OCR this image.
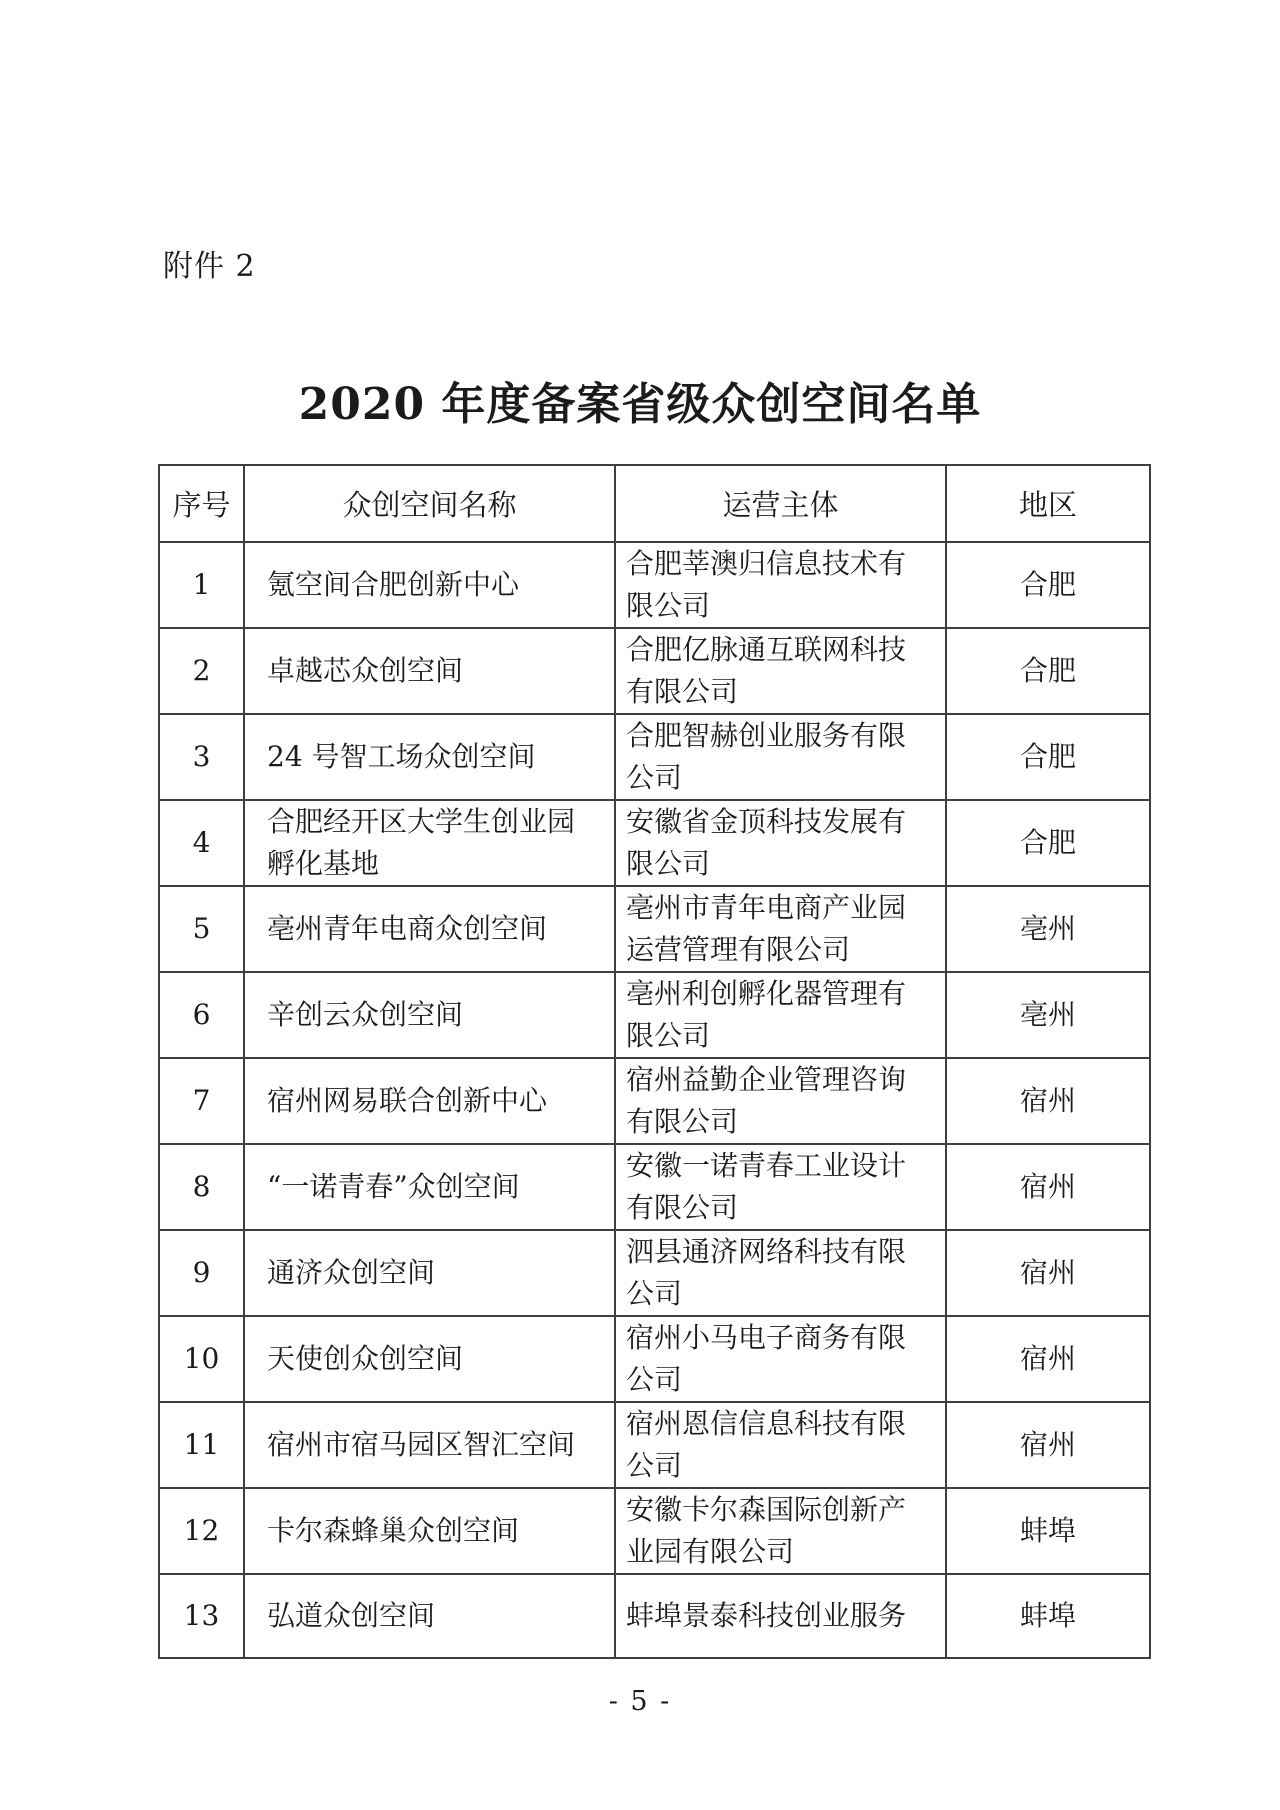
附件 2
2020 年度备案省级众创空间名单
序号	众创空间名称	运营主体	地区
1	氪空间合肥创新中心	合肥莘澳归信息技术有限公司	合肥
2	卓越芯众创空间	合肥亿脉通互联网科技有限公司	合肥
3	24 号智工场众创空间	合肥智赫创业服务有限公司	合肥
4	合肥经开区大学生创业园孵化基地	安徽省金顶科技发展有限公司	合肥
5	亳州青年电商众创空间	亳州市青年电商产业园运营管理有限公司	亳州
6	辛创云众创空间	亳州利创孵化器管理有限公司	亳州
7	宿州网易联合创新中心	宿州益勤企业管理咨询有限公司	宿州
8	“一诺青春”众创空间	安徽一诺青春工业设计有限公司	宿州
9	通济众创空间	泗县通济网络科技有限公司	宿州
10	天使创众创空间	宿州小马电子商务有限公司	宿州
11	宿州市宿马园区智汇空间	宿州恩信信息科技有限公司	宿州
12	卡尔森蜂巢众创空间	安徽卡尔森国际创新产业园有限公司	蚌埠
13	弘道众创空间	蚌埠景泰科技创业服务	蚌埠
- 5 -
